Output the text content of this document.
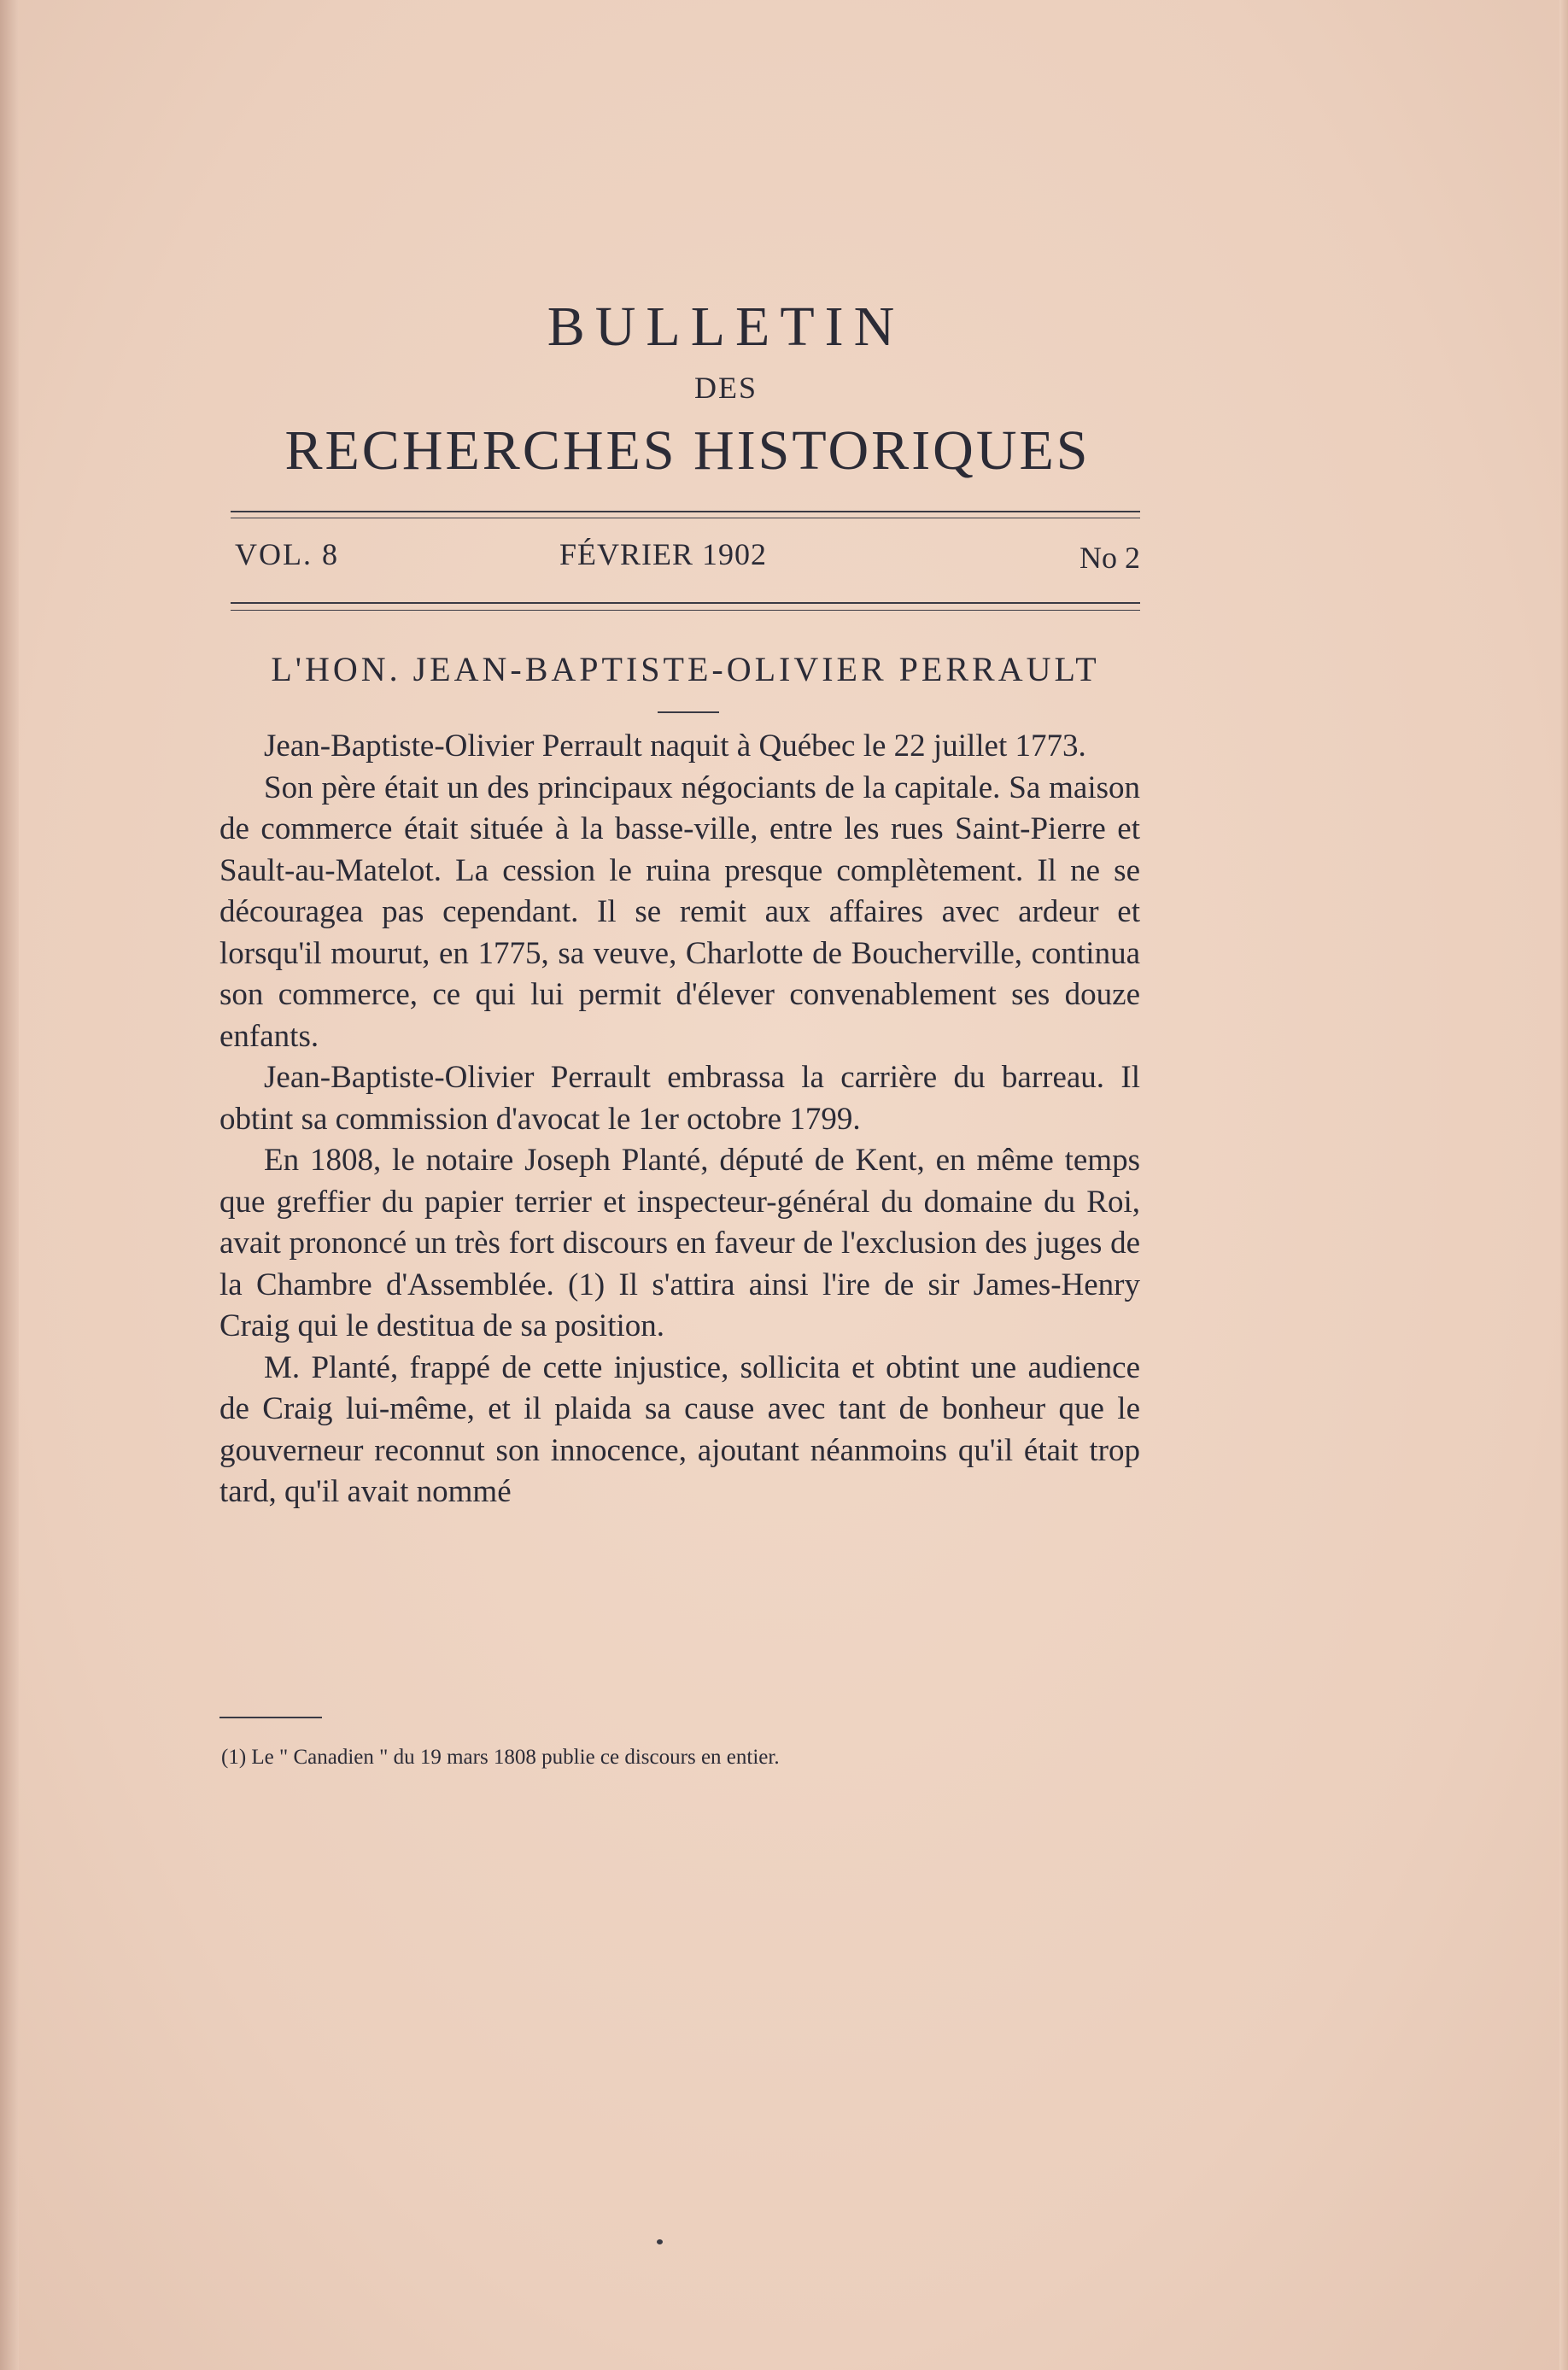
BULLETIN
DES
RECHERCHES HISTORIQUES
VOL. 8	FÉVRIER 1902	No 2
L'HON. JEAN-BAPTISTE-OLIVIER PERRAULT

Jean-Baptiste-Olivier Perrault naquit à Québec le 22 juillet 1773.

Son père était un des principaux négociants de la capitale. Sa maison de commerce était située à la basse-ville, entre les rues Saint-Pierre et Sault-au-Matelot. La cession le ruina presque complètement. Il ne se découragea pas cependant. Il se remit aux affaires avec ardeur et lorsqu'il mourut, en 1775, sa veuve, Charlotte de Boucherville, continua son commerce, ce qui lui permit d'élever convenablement ses douze enfants.

Jean-Baptiste-Olivier Perrault embrassa la carrière du barreau. Il obtint sa commission d'avocat le 1er octobre 1799.

En 1808, le notaire Joseph Planté, député de Kent, en même temps que greffier du papier terrier et inspecteur-général du domaine du Roi, avait prononcé un très fort discours en faveur de l'exclusion des juges de la Chambre d'Assemblée. (1) Il s'attira ainsi l'ire de sir James-Henry Craig qui le destitua de sa position.

M. Planté, frappé de cette injustice, sollicita et obtint une audience de Craig lui-même, et il plaida sa cause avec tant de bonheur que le gouverneur reconnut son innocence, ajoutant néanmoins qu'il était trop tard, qu'il avait nommé

(1) Le " Canadien " du 19 mars 1808 publie ce discours en entier.
